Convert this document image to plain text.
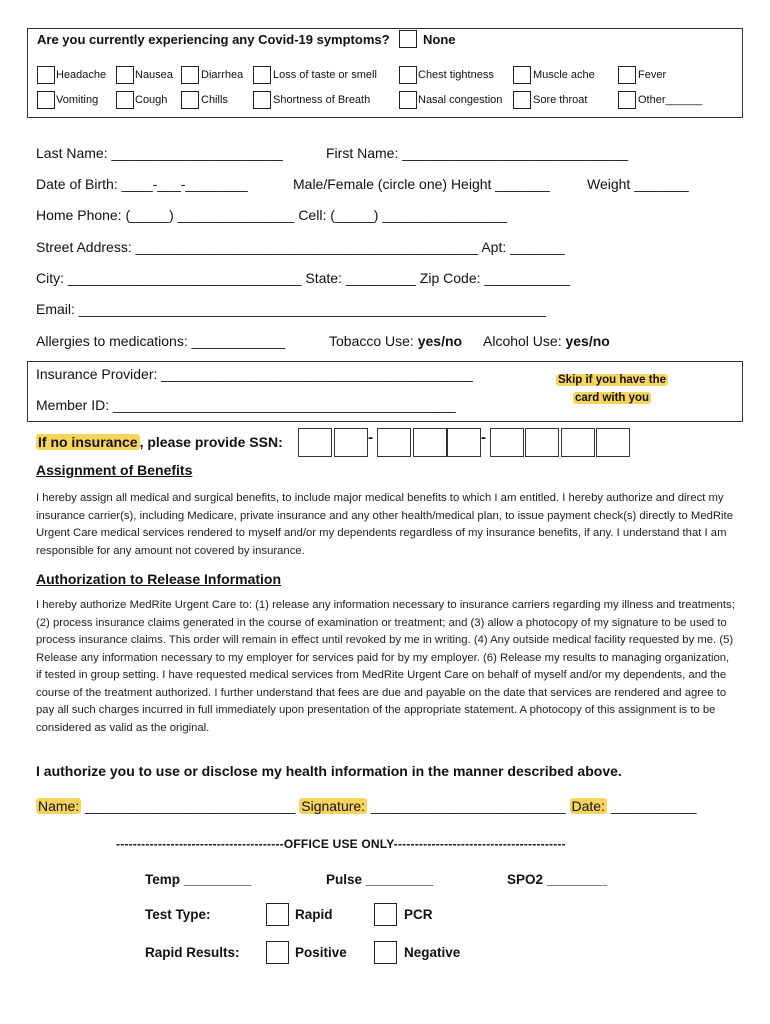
Are you currently experiencing any Covid-19 symptoms?	None
Headache	Nausea	Diarrhea	Loss of taste or smell	Chest tightness	Muscle ache	Fever
Vomiting	Cough	Chills	Shortness of Breath	Nasal congestion	Sore throat	Other______
Last Name: ______________________	First Name: _____________________________
Date of Birth: ____-___-________	Male/Female (circle one) Height _______	Weight _______
Home Phone: (_____) _______________ Cell: (_____) ________________
Street Address: ____________________________________________ Apt: _______
City: ______________________________ State: _________ Zip Code: ___________
Email: ____________________________________________________________
Allergies to medications: ____________	Tobacco Use: yes/no Alcohol Use: yes/no
Insurance Provider: ________________________________________
Member ID: ____________________________________________
Skip if you have the
card with you
If no insurance , please provide SSN:	-	-
Assignment of Benefits
I hereby assign all medical and surgical benefits, to include major medical benefits to which I am entitled. I hereby authorize and direct my insurance carrier(s), including Medicare, private insurance and any other health/medical plan, to issue payment check(s) directly to MedRite Urgent Care medical services rendered to myself and/or my dependents regardless of my insurance benefits, if any. I understand that I am responsible for any amount not covered by insurance.
Authorization to Release Information
I hereby authorize MedRite Urgent Care to: (1) release any information necessary to insurance carriers regarding my illness and treatments; (2) process insurance claims generated in the course of examination or treatment; and (3) allow a photocopy of my signature to be used to process insurance claims. This order will remain in effect until revoked by me in writing. (4) Any outside medical facility requested by me. (5) Release any information necessary to my employer for services paid for by my employer. (6) Release my results to managing organization, if tested in group setting. I have requested medical services from MedRite Urgent Care on behalf of myself and/or my dependents, and the course of the treatment authorized. I further understand that fees are due and payable on the date that services are rendered and agree to pay all such charges incurred in full immediately upon presentation of the appropriate statement. A photocopy of this assignment is to be considered as valid as the original.
I authorize you to use or disclose my health information in the manner described above.
Name: ___________________________ Signature: _________________________ Date: ___________
----------------------------------------OFFICE USE ONLY-----------------------------------------
Temp _________	Pulse _________	SPO2 ________
Test Type:	Rapid	PCR
Rapid Results:	Positive	Negative
